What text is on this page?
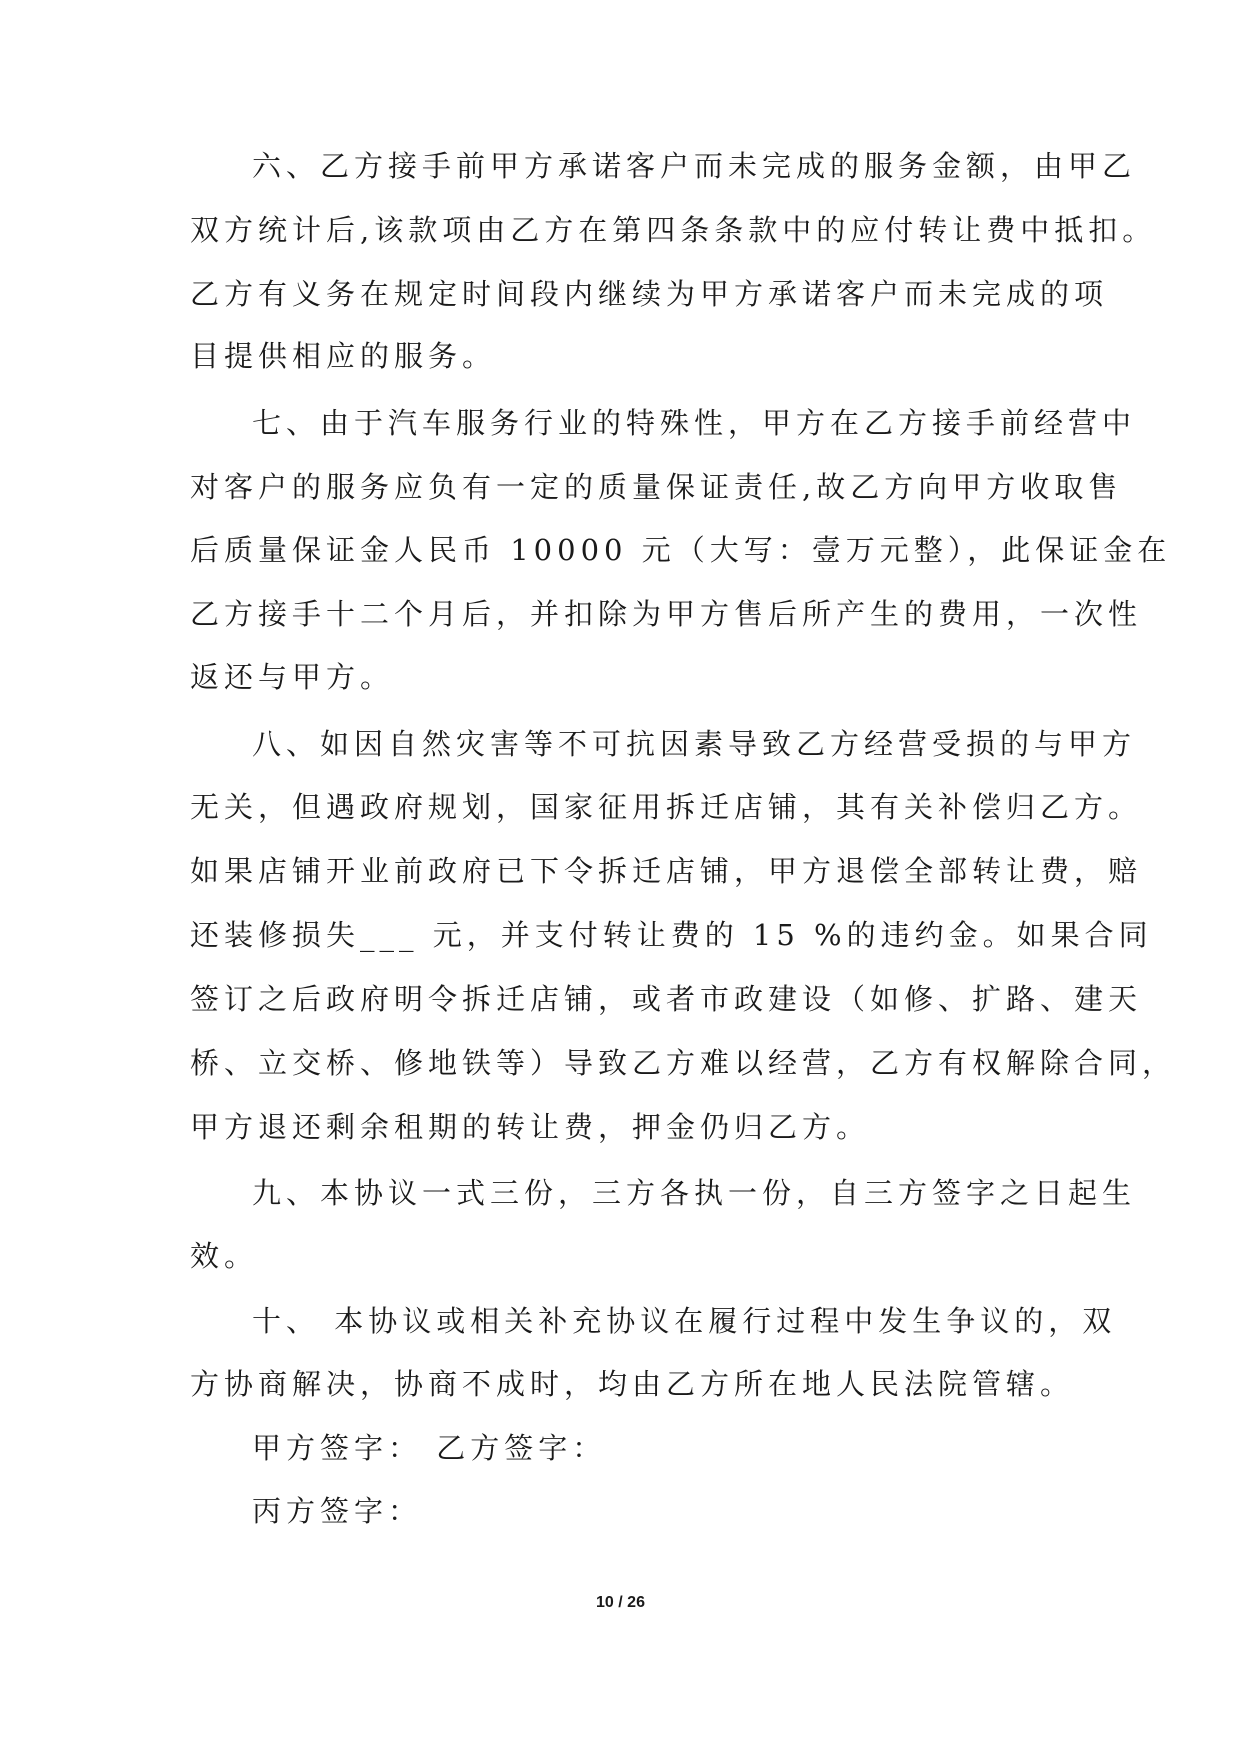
六、乙方接手前甲方承诺客户而未完成的服务金额，由甲乙
双方统计后,该款项由乙方在第四条条款中的应付转让费中抵扣。
乙方有义务在规定时间段内继续为甲方承诺客户而未完成的项
目提供相应的服务。
七、由于汽车服务行业的特殊性，甲方在乙方接手前经营中
对客户的服务应负有一定的质量保证责任,故乙方向甲方收取售
后质量保证金人民币 10000 元（大写：壹万元整），此保证金在
乙方接手十二个月后，并扣除为甲方售后所产生的费用，一次性
返还与甲方。
八、如因自然灾害等不可抗因素导致乙方经营受损的与甲方
无关，但遇政府规划，国家征用拆迁店铺，其有关补偿归乙方。
如果店铺开业前政府已下令拆迁店铺，甲方退偿全部转让费，赔
还装修损失___ 元，并支付转让费的 15 %的违约金。如果合同
签订之后政府明令拆迁店铺，或者市政建设（如修、扩路、建天
桥、立交桥、修地铁等）导致乙方难以经营，乙方有权解除合同，
甲方退还剩余租期的转让费，押金仍归乙方。
九、本协议一式三份，三方各执一份，自三方签字之日起生
效。
十、 本协议或相关补充协议在履行过程中发生争议的，双
方协商解决，协商不成时，均由乙方所在地人民法院管辖。
甲方签字： 乙方签字：
丙方签字：
10 / 26
